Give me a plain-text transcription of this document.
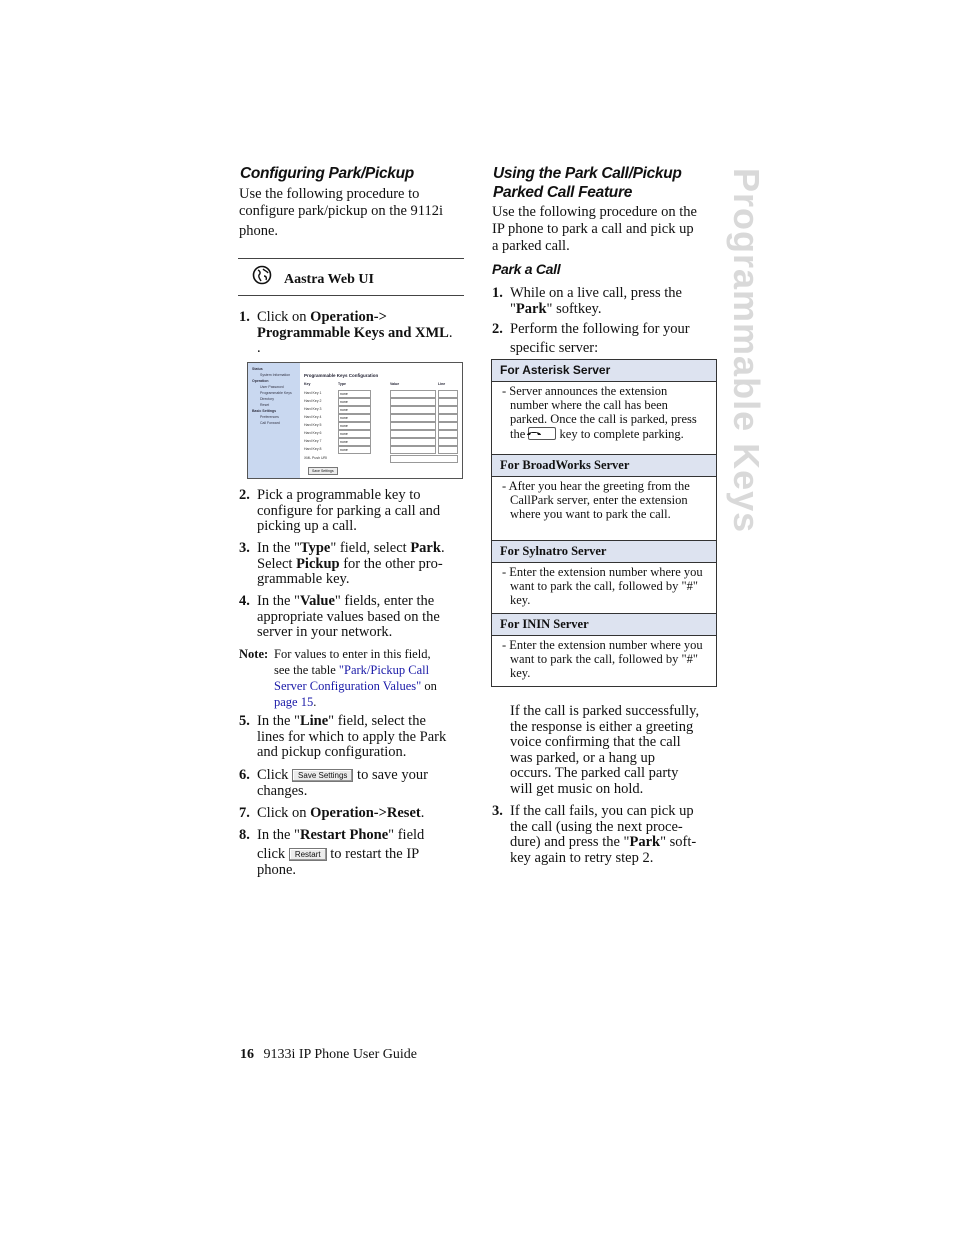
Programmable Keys
Configuring Park/Pickup
Use the following procedure to
configure park/pickup on the 9112i
phone.
Aastra Web UI
1. Click on Operation->
Programmable Keys and XML.
.
Status
System Information
Operation
User Password
Programmable Keys
Directory
Reset
Basic Settings
Preferences
Call Forward
Programmable Keys Configuration
Key	Type	Value	Line
Hard Key 1	none
Hard Key 2	none
Hard Key 3	none
Hard Key 4	none
Hard Key 5	none
Hard Key 6	none
Hard Key 7	none
Hard Key 8	none
XML Push URI
Save Settings
2. Pick a programmable key to
configure for parking a call and
picking up a call.
3. In the "Type" field, select Park.
Select Pickup for the other pro-
grammable key.
4. In the "Value" fields, enter the
appropriate values based on the
server in your network.
Note: For values to enter in this field,
see the table "Park/Pickup Call
Server Configuration Values" on
page 15.
5. In the "Line" field, select the
lines for which to apply the Park
and pickup configuration.
6. Click Save Settings to save your
changes.
7. Click on Operation->Reset.
8. In the "Restart Phone" field
click Restart to restart the IP
phone.
Using the Park Call/Pickup
Parked Call Feature
Use the following procedure on the
IP phone to park a call and pick up
a parked call.
Park a Call
1. While on a live call, press the
"Park" softkey.
2. Perform the following for your
specific server:
For Asterisk Server
- Server announces the extension number where the call has been parked. Once the call is parked, press the	key to complete parking.
For BroadWorks Server
- After you hear the greeting from the CallPark server, enter the extension where you want to park the call.
For Sylnatro Server
- Enter the extension number where you want to park the call, followed by "#" key.
For ININ Server
- Enter the extension number where you want to park the call, followed by "#" key.
If the call is parked successfully,
the response is either a greeting
voice confirming that the call
was parked, or a hang up
occurs. The parked call party
will get music on hold.
3. If the call fails, you can pick up
the call (using the next proce-
dure) and press the "Park" soft-
key again to retry step 2.
16 9133i IP Phone User Guide
